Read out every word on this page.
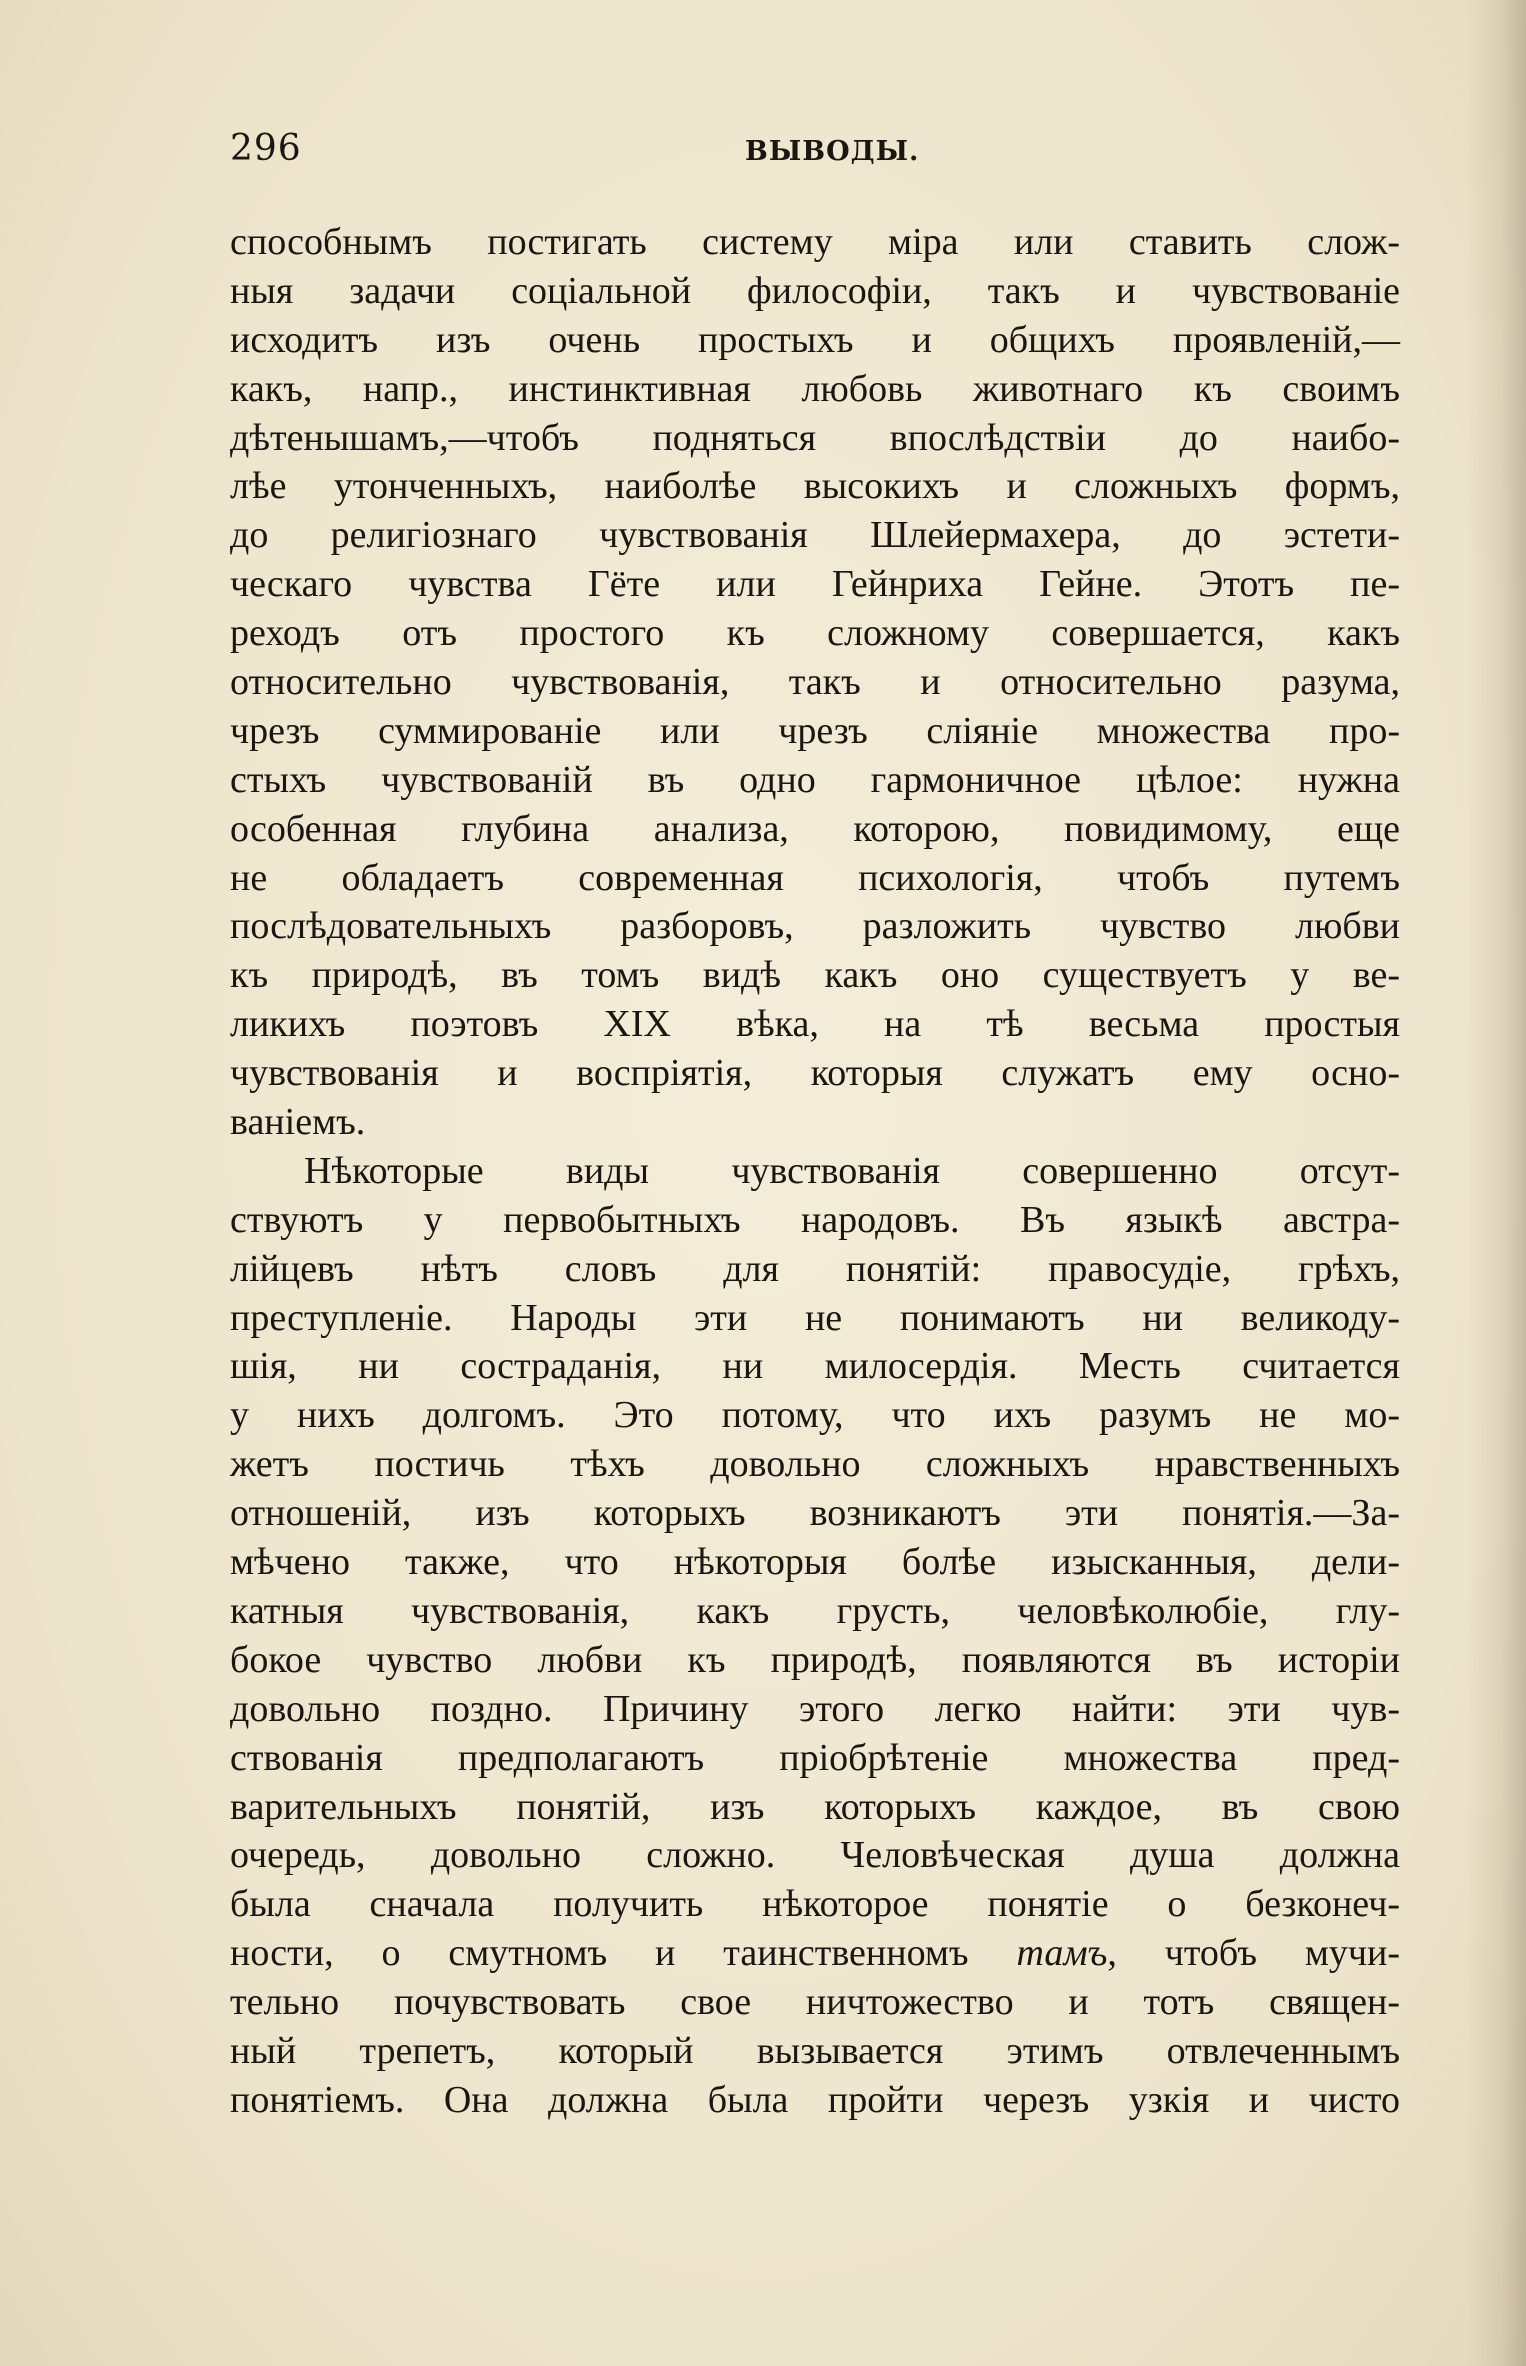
296	ВЫВОДЫ.
способнымъ постигать систему міра или ставить слож-
ныя задачи соціальной философіи, такъ и чувствованіе
исходитъ изъ очень простыхъ и общихъ проявленій,—
какъ, напр., инстинктивная любовь животнаго къ своимъ
дѣтенышамъ,—чтобъ подняться впослѣдствіи до наибо-
лѣе утонченныхъ, наиболѣе высокихъ и сложныхъ формъ,
до религіознаго чувствованія Шлейермахера, до эстети-
ческаго чувства Гёте или Гейнриха Гейне. Этотъ пе-
реходъ отъ простого къ сложному совершается, какъ
относительно чувствованія, такъ и относительно разума,
чрезъ суммированіе или чрезъ сліяніе множества про-
стыхъ чувствованій въ одно гармоничное цѣлое: нужна
особенная глубина анализа, которою, повидимому, еще
не обладаетъ современная психологія, чтобъ путемъ
послѣдовательныхъ разборовъ, разложить чувство любви
къ природѣ, въ томъ видѣ какъ оно существуетъ у ве-
ликихъ поэтовъ XIX вѣка, на тѣ весьма простыя
чувствованія и воспріятія, которыя служатъ ему осно-
ваніемъ.
Нѣкоторые виды чувствованія совершенно отсут-
ствуютъ у первобытныхъ народовъ. Въ языкѣ австра-
лійцевъ нѣтъ словъ для понятій: правосудіе, грѣхъ,
преступленіе. Народы эти не понимаютъ ни великоду-
шія, ни состраданія, ни милосердія. Месть считается
у нихъ долгомъ. Это потому, что ихъ разумъ не мо-
жетъ постичь тѣхъ довольно сложныхъ нравственныхъ
отношеній, изъ которыхъ возникаютъ эти понятія.—За-
мѣчено также, что нѣкоторыя болѣе изысканныя, дели-
катныя чувствованія, какъ грусть, человѣколюбіе, глу-
бокое чувство любви къ природѣ, появляются въ исторіи
довольно поздно. Причину этого легко найти: эти чув-
ствованія предполагаютъ пріобрѣтеніе множества пред-
варительныхъ понятій, изъ которыхъ каждое, въ свою
очередь, довольно сложно. Человѣческая душа должна
была сначала получить нѣкоторое понятіе о безконеч-
ности, о смутномъ и таинственномъ тамъ, чтобъ мучи-
тельно почувствовать свое ничтожество и тотъ священ-
ный трепетъ, который вызывается этимъ отвлеченнымъ
понятіемъ. Она должна была пройти черезъ узкія и чисто
